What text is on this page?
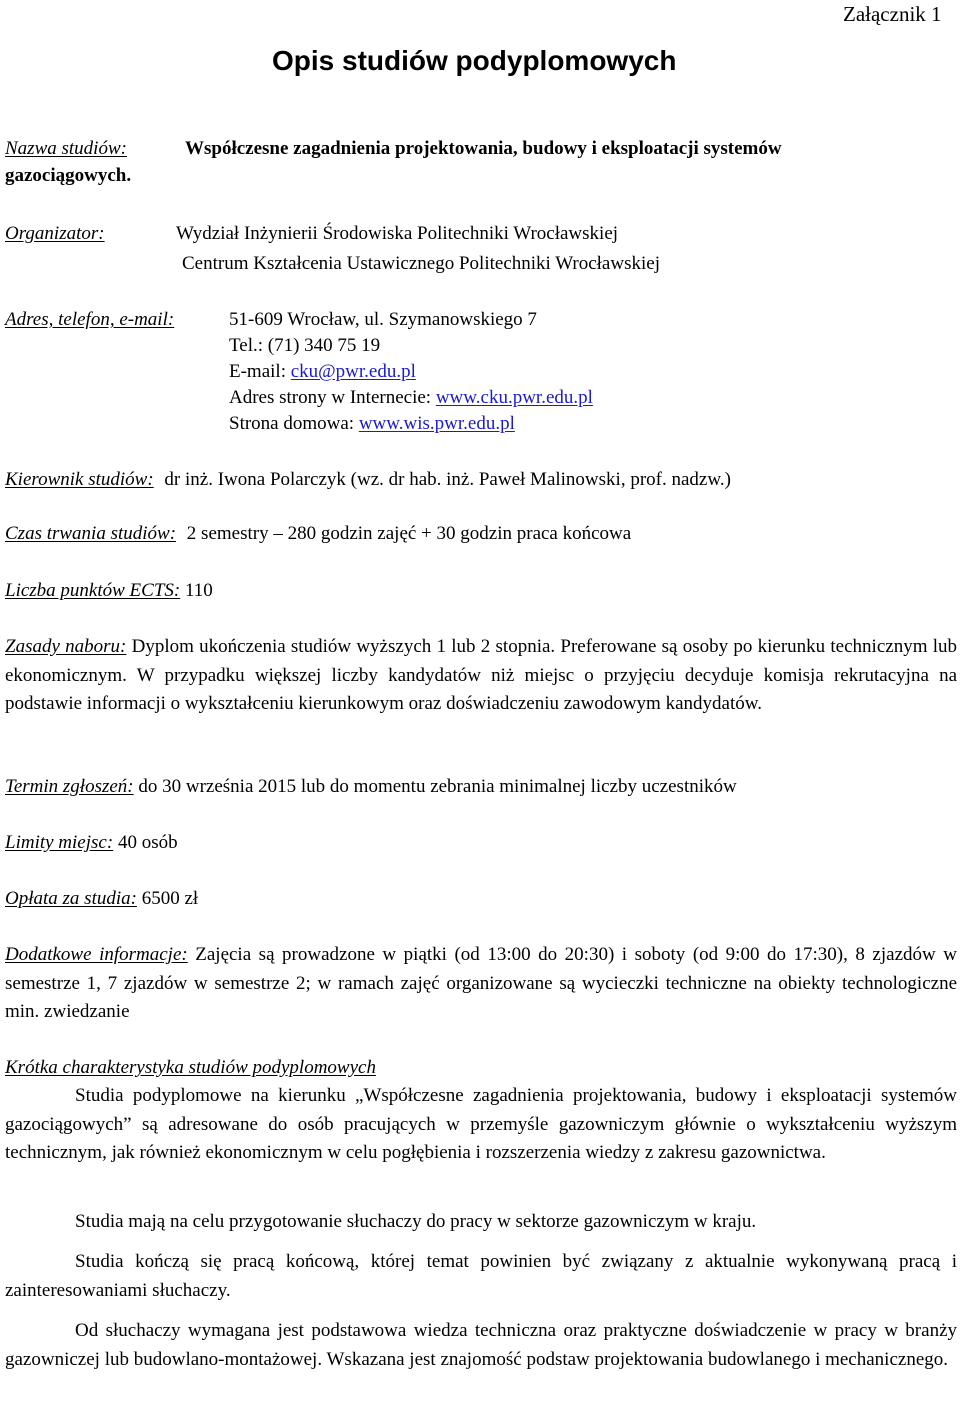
Załącznik 1
Opis studiów podyplomowych
Nazwa studiów:	Współczesne zagadnienia projektowania, budowy i eksploatacji systemów
gazociągowych.
Organizator:	Wydział Inżynierii Środowiska Politechniki Wrocławskiej
Centrum Kształcenia Ustawicznego Politechniki Wrocławskiej
Adres, telefon, e-mail:	51-609 Wrocław, ul. Szymanowskiego 7
Tel.: (71) 340 75 19
E-mail: cku@pwr.edu.pl
Adres strony w Internecie: www.cku.pwr.edu.pl
Strona domowa: www.wis.pwr.edu.pl
Kierownik studiów: dr inż. Iwona Polarczyk (wz. dr hab. inż. Paweł Malinowski, prof. nadzw.)
Czas trwania studiów: 2 semestry – 280 godzin zajęć + 30 godzin praca końcowa
Liczba punktów ECTS: 110

Zasady naboru: Dyplom ukończenia studiów wyższych 1 lub 2 stopnia. Preferowane są osoby po kierunku technicznym lub ekonomicznym. W przypadku większej liczby kandydatów niż miejsc o przyjęciu decyduje komisja rekrutacyjna na podstawie informacji o wykształceniu kierunkowym oraz doświadczeniu zawodowym kandydatów.

Termin zgłoszeń: do 30 września 2015 lub do momentu zebrania minimalnej liczby uczestników
Limity miejsc: 40 osób
Opłata za studia: 6500 zł

Dodatkowe informacje: Zajęcia są prowadzone w piątki (od 13:00 do 20:30) i soboty (od 9:00 do 17:30), 8 zjazdów w semestrze 1, 7 zjazdów w semestrze 2; w ramach zajęć organizowane są wycieczki techniczne na obiekty technologiczne min. zwiedzanie

Krótka charakterystyka studiów podyplomowych

Studia podyplomowe na kierunku „Współczesne zagadnienia projektowania, budowy i eksploatacji systemów gazociągowych” są adresowane do osób pracujących w przemyśle gazowniczym głównie o wykształceniu wyższym technicznym, jak również ekonomicznym w celu pogłębienia i rozszerzenia wiedzy z zakresu gazownictwa.

Studia mają na celu przygotowanie słuchaczy do pracy w sektorze gazowniczym w kraju.

Studia kończą się pracą końcową, której temat powinien być związany z aktualnie wykonywaną pracą i zainteresowaniami słuchaczy.

Od słuchaczy wymagana jest podstawowa wiedza techniczna oraz praktyczne doświadczenie w pracy w branży gazowniczej lub budowlano-montażowej. Wskazana jest znajomość podstaw projektowania budowlanego i mechanicznego.
